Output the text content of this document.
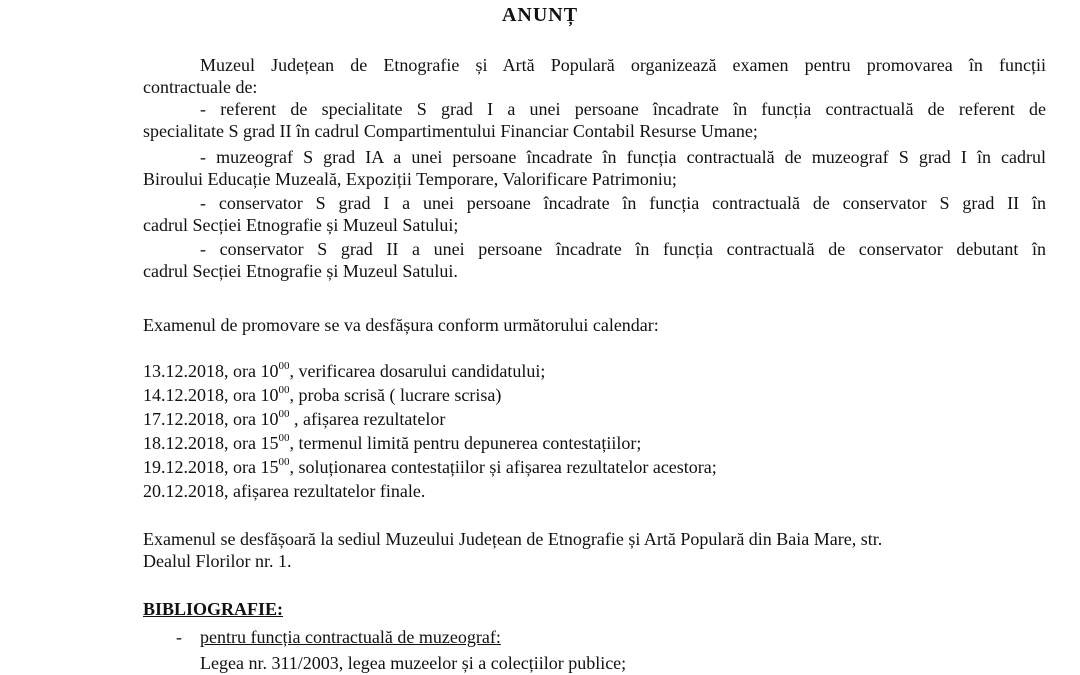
ANUNȚ
Muzeul Județean de Etnografie și Artă Populară organizează examen pentru promovarea în funcții
contractuale de:
- referent de specialitate S grad I a unei persoane încadrate în funcția contractuală de referent de
specialitate S grad II în cadrul Compartimentului Financiar Contabil Resurse Umane;
- muzeograf S grad IA a unei persoane încadrate în funcția contractuală de muzeograf S grad I în cadrul
Biroului Educație Muzeală, Expoziții Temporare, Valorificare Patrimoniu;
- conservator S grad I a unei persoane încadrate în funcția contractuală de conservator S grad II în
cadrul Secției Etnografie și Muzeul Satului;
- conservator S grad II a unei persoane încadrate în funcția contractuală de conservator debutant în
cadrul Secției Etnografie și Muzeul Satului.
Examenul de promovare se va desfășura conform următorului calendar:
13.12.2018, ora $10^{00}$, verificarea dosarului candidatului;
14.12.2018, ora $10^{00}$, proba scrisă ( lucrare scrisa)
17.12.2018, ora $10^{00}$ , afișarea rezultatelor
18.12.2018, ora $15^{00}$, termenul limită pentru depunerea contestațiilor;
19.12.2018, ora $15^{00}$, soluționarea contestațiilor și afișarea rezultatelor acestora;
20.12.2018, afișarea rezultatelor finale.
Examenul se desfășoară la sediul Muzeului Județean de Etnografie și Artă Populară din Baia Mare, str.
Dealul Florilor nr. 1.
BIBLIOGRAFIE:
- pentru funcția contractuală de muzeograf:
Legea nr. 311/2003, legea muzeelor și a colecțiilor publice;
